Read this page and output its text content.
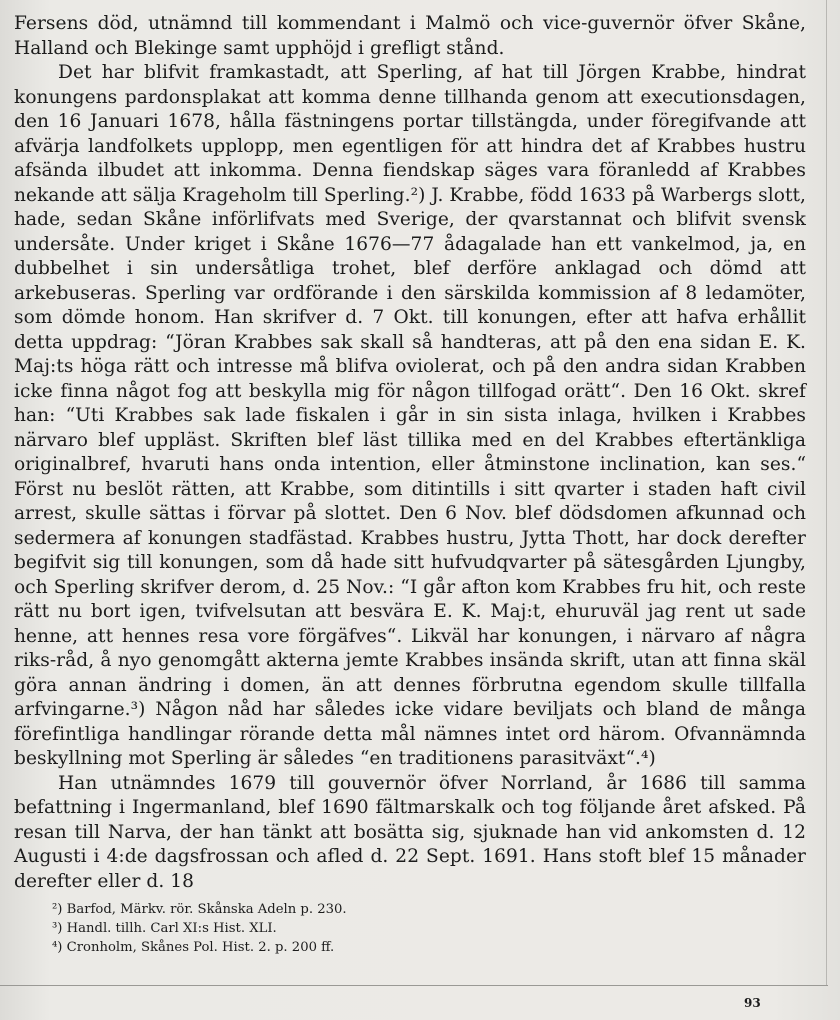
Fersens död, utnämnd till kommendant i Malmö och vice-guvernör öfver Skåne, Halland och Blekinge samt upphöjd i grefligt stånd.

Det har blifvit framkastadt, att Sperling, af hat till Jörgen Krabbe, hindrat konungens pardonsplakat att komma denne tillhanda genom att executionsdagen, den 16 Januari 1678, hålla fästningens portar tillstängda, under föregifvande att afvärja landfolkets upplopp, men egentligen för att hindra det af Krabbes hustru afsända ilbudet att inkomma. Denna fiendskap säges vara föranledd af Krabbes nekande att sälja Krageholm till Sperling.²) J. Krabbe, född 1633 på Warbergs slott, hade, sedan Skåne införlifvats med Sverige, der qvarstannat och blifvit svensk undersåte. Under kriget i Skåne 1676—77 ådagalade han ett vankelmod, ja, en dubbelhet i sin undersåtliga trohet, blef derföre anklagad och dömd att arkebuseras. Sperling var ordförande i den särskilda kommission af 8 ledamöter, som dömde honom. Han skrifver d. 7 Okt. till konungen, efter att hafva erhållit detta uppdrag: “Jöran Krabbes sak skall så handteras, att på den ena sidan E. K. Maj:ts höga rätt och intresse må blifva oviolerat, och på den andra sidan Krabben icke finna något fog att beskylla mig för någon tillfogad orätt“. Den 16 Okt. skref han: “Uti Krabbes sak lade fiskalen i går in sin sista inlaga, hvilken i Krabbes närvaro blef uppläst. Skriften blef läst tillika med en del Krabbes eftertänkliga originalbref, hvaruti hans onda intention, eller åtminstone inclination, kan ses.“ Först nu beslöt rätten, att Krabbe, som ditintills i sitt qvarter i staden haft civil arrest, skulle sättas i förvar på slottet. Den 6 Nov. blef dödsdomen afkunnad och sedermera af konungen stadfästad. Krabbes hustru, Jytta Thott, har dock derefter begifvit sig till konungen, som då hade sitt hufvudqvarter på sätesgården Ljungby, och Sperling skrifver derom, d. 25 Nov.: “I går afton kom Krabbes fru hit, och reste rätt nu bort igen, tvifvelsutan att besvära E. K. Maj:t, ehuruväl jag rent ut sade henne, att hennes resa vore förgäfves“. Likväl har konungen, i närvaro af några riks-råd, å nyo genomgått akterna jemte Krabbes insända skrift, utan att finna skäl göra annan ändring i domen, än att dennes förbrutna egendom skulle tillfalla arfvingarne.³) Någon nåd har således icke vidare beviljats och bland de många förefintliga handlingar rörande detta mål nämnes intet ord härom. Ofvannämnda beskyllning mot Sperling är således “en traditionens parasitväxt“.⁴)

Han utnämndes 1679 till gouvernör öfver Norrland, år 1686 till samma befattning i Ingermanland, blef 1690 fältmarskalk och tog följande året afsked. På resan till Narva, der han tänkt att bosätta sig, sjuknade han vid ankomsten d. 12 Augusti i 4:de dagsfrossan och afled d. 22 Sept. 1691. Hans stoft blef 15 månader derefter eller d. 18

²) Barfod, Märkv. rör. Skånska Adeln p. 230.
³) Handl. tillh. Carl XI:s Hist. XLI.
⁴) Cronholm, Skånes Pol. Hist. 2. p. 200 ff.
93
